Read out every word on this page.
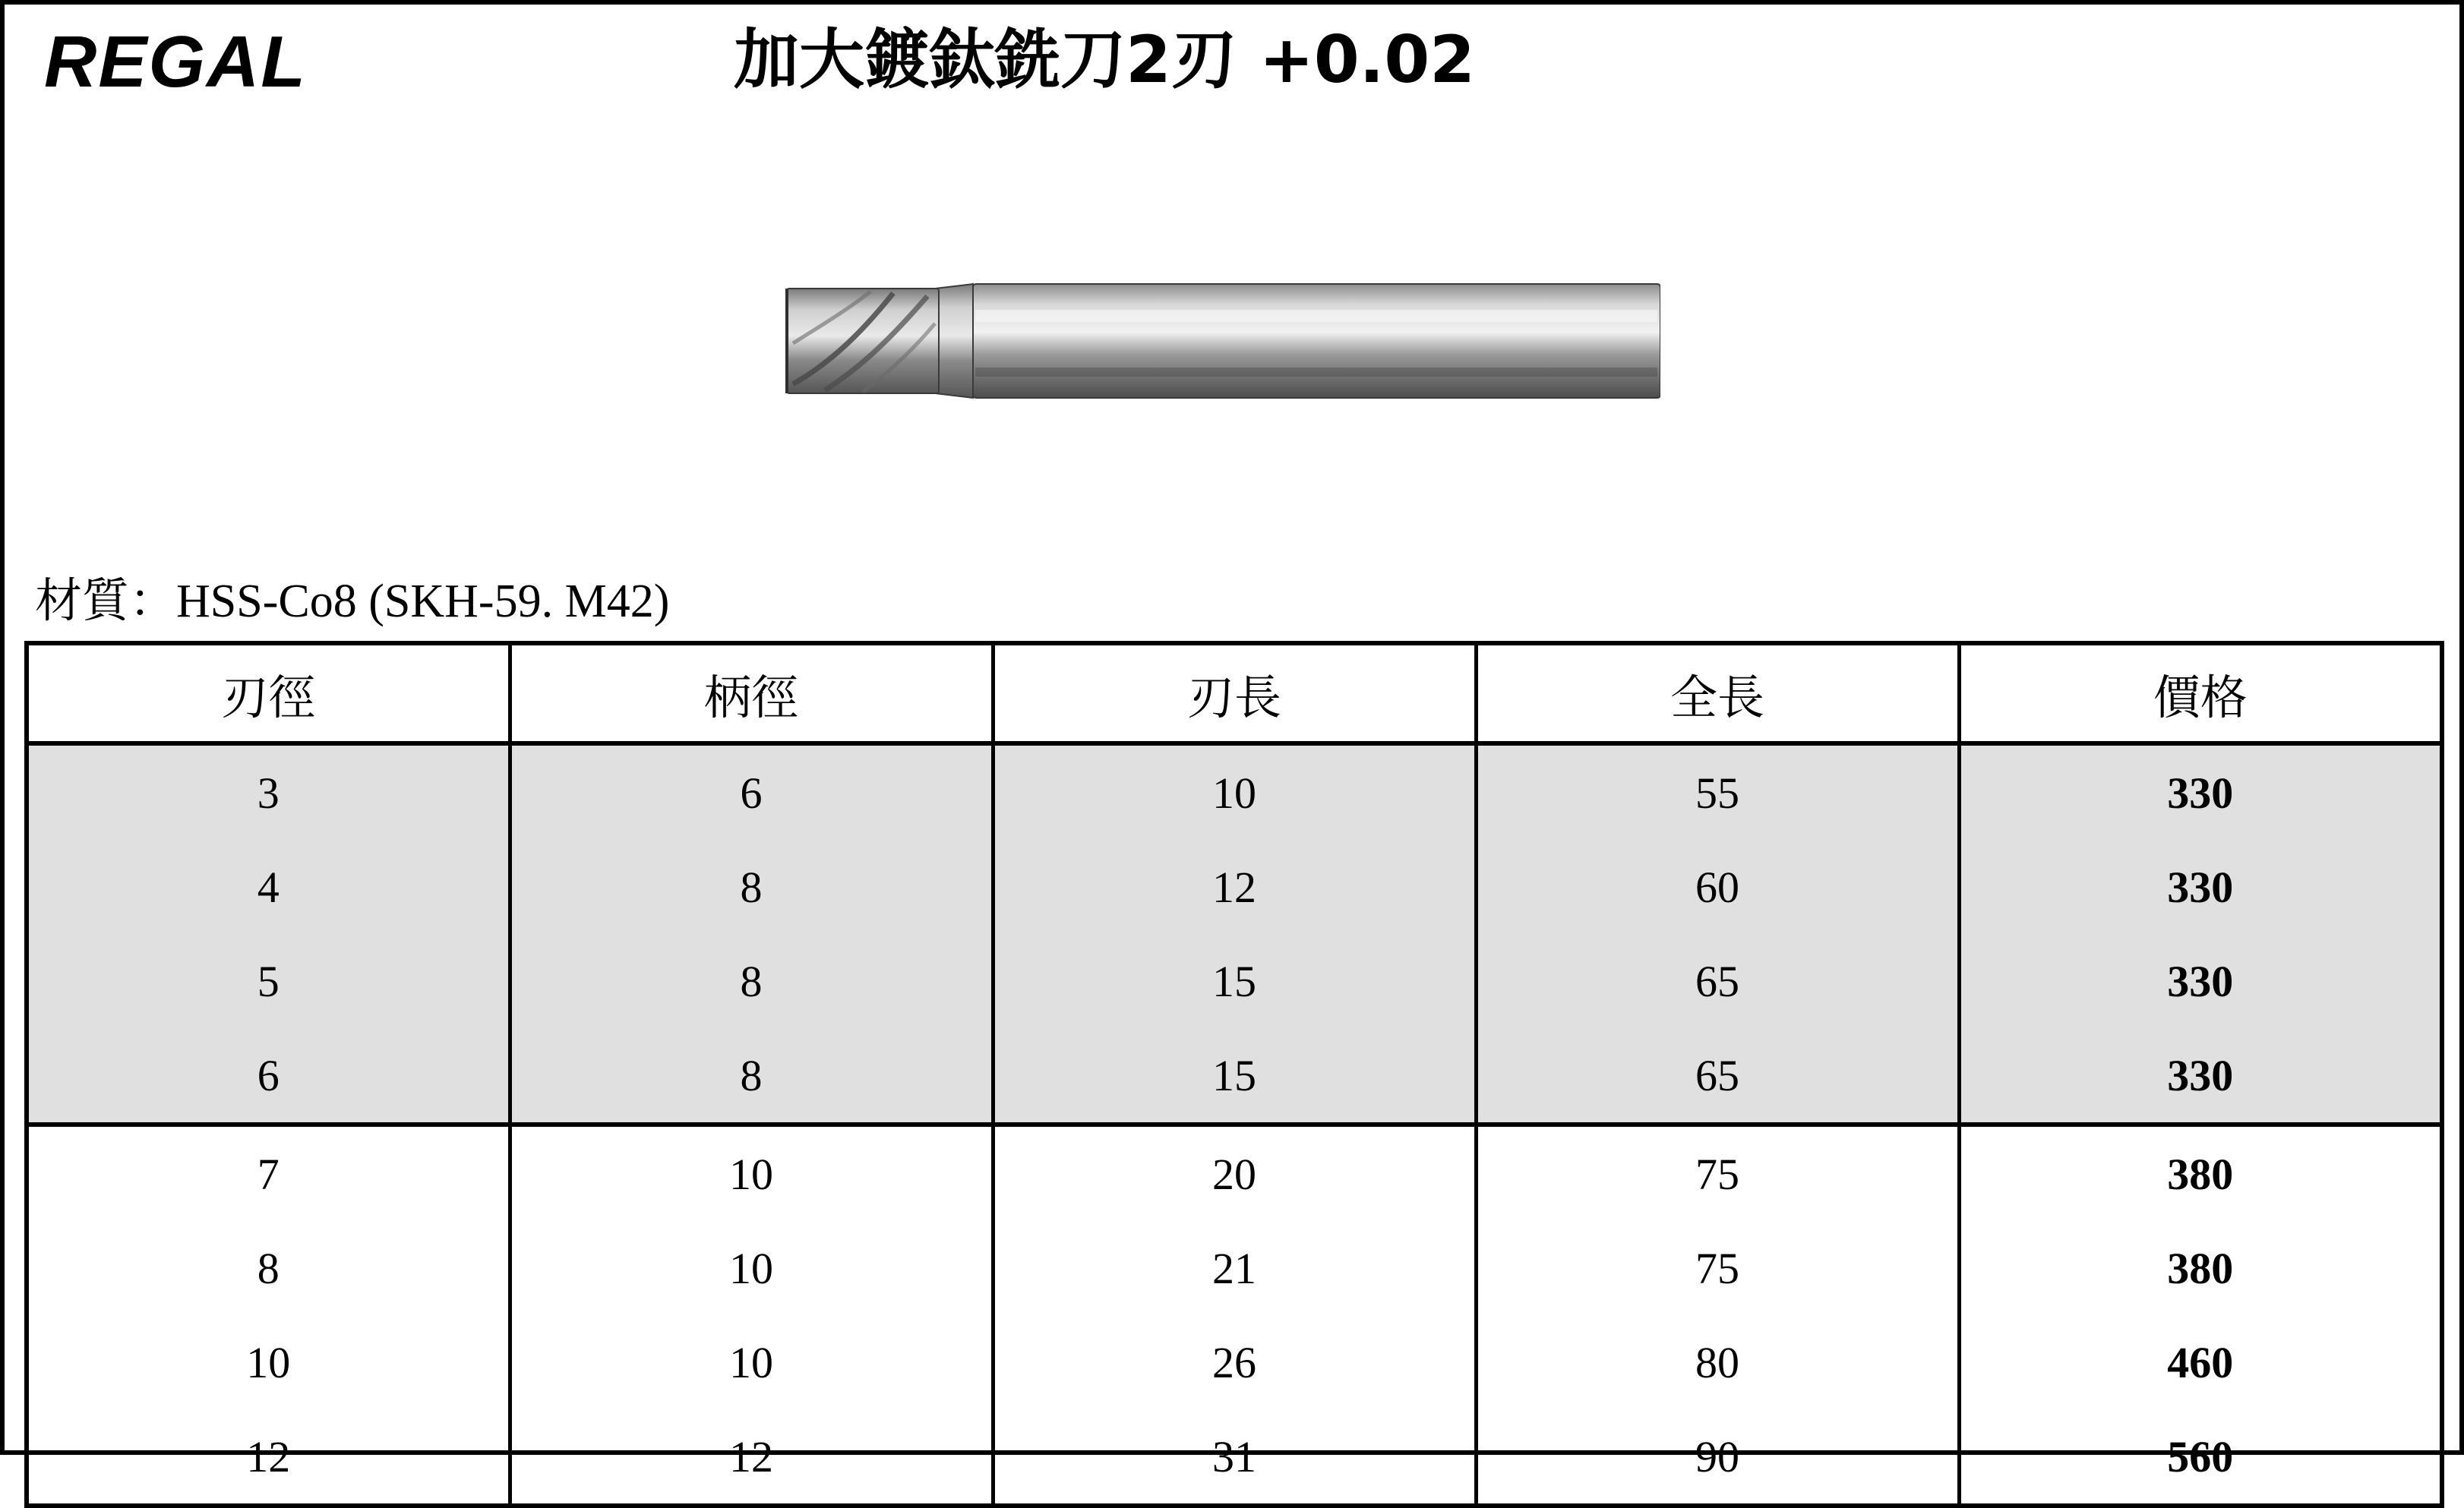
REGAL	加大鍍鈦銑刀2刃 +0.02
材質：HSS-Co8 (SKH-59. M42)
刃徑	柄徑	刃長	全長	價格
3	6	10	55	330
4	8	12	60	330
5	8	15	65	330
6	8	15	65	330
7	10	20	75	380
8	10	21	75	380
10	10	26	80	460
12	12	31	90	560
